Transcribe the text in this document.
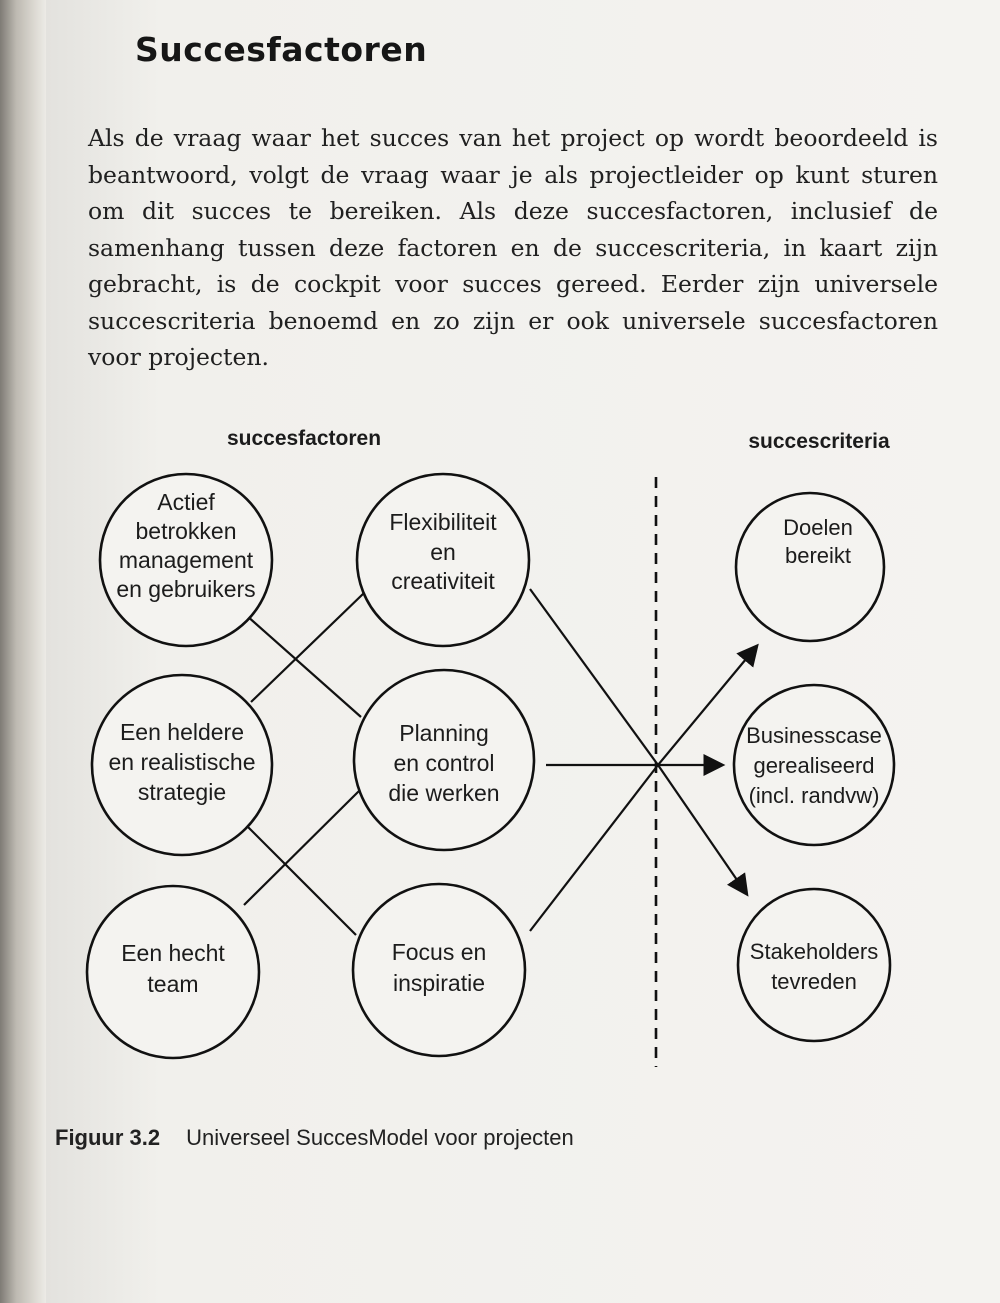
Succesfactoren
Als de vraag waar het succes van het project op wordt beoordeeld is
beantwoord, volgt de vraag waar je als projectleider op kunt sturen
om dit succes te bereiken. Als deze succesfactoren, inclusief de
samenhang tussen deze factoren en de succescriteria, in kaart zijn
gebracht, is de cockpit voor succes gereed. Eerder zijn universele
succescriteria benoemd en zo zijn er ook universele succesfactoren
voor projecten.
succesfactoren	succescriteria
Actief
betrokken
management
en gebruikers
Een heldere
en realistische
strategie
Een hecht
team
Flexibiliteit
en
creativiteit
Planning
en control
die werken
Focus en
inspiratie
Doelen
bereikt
Businesscase
gerealiseerd
(incl. randvw)
Stakeholders
tevreden
Figuur 3.2 Universeel SuccesModel voor projecten
